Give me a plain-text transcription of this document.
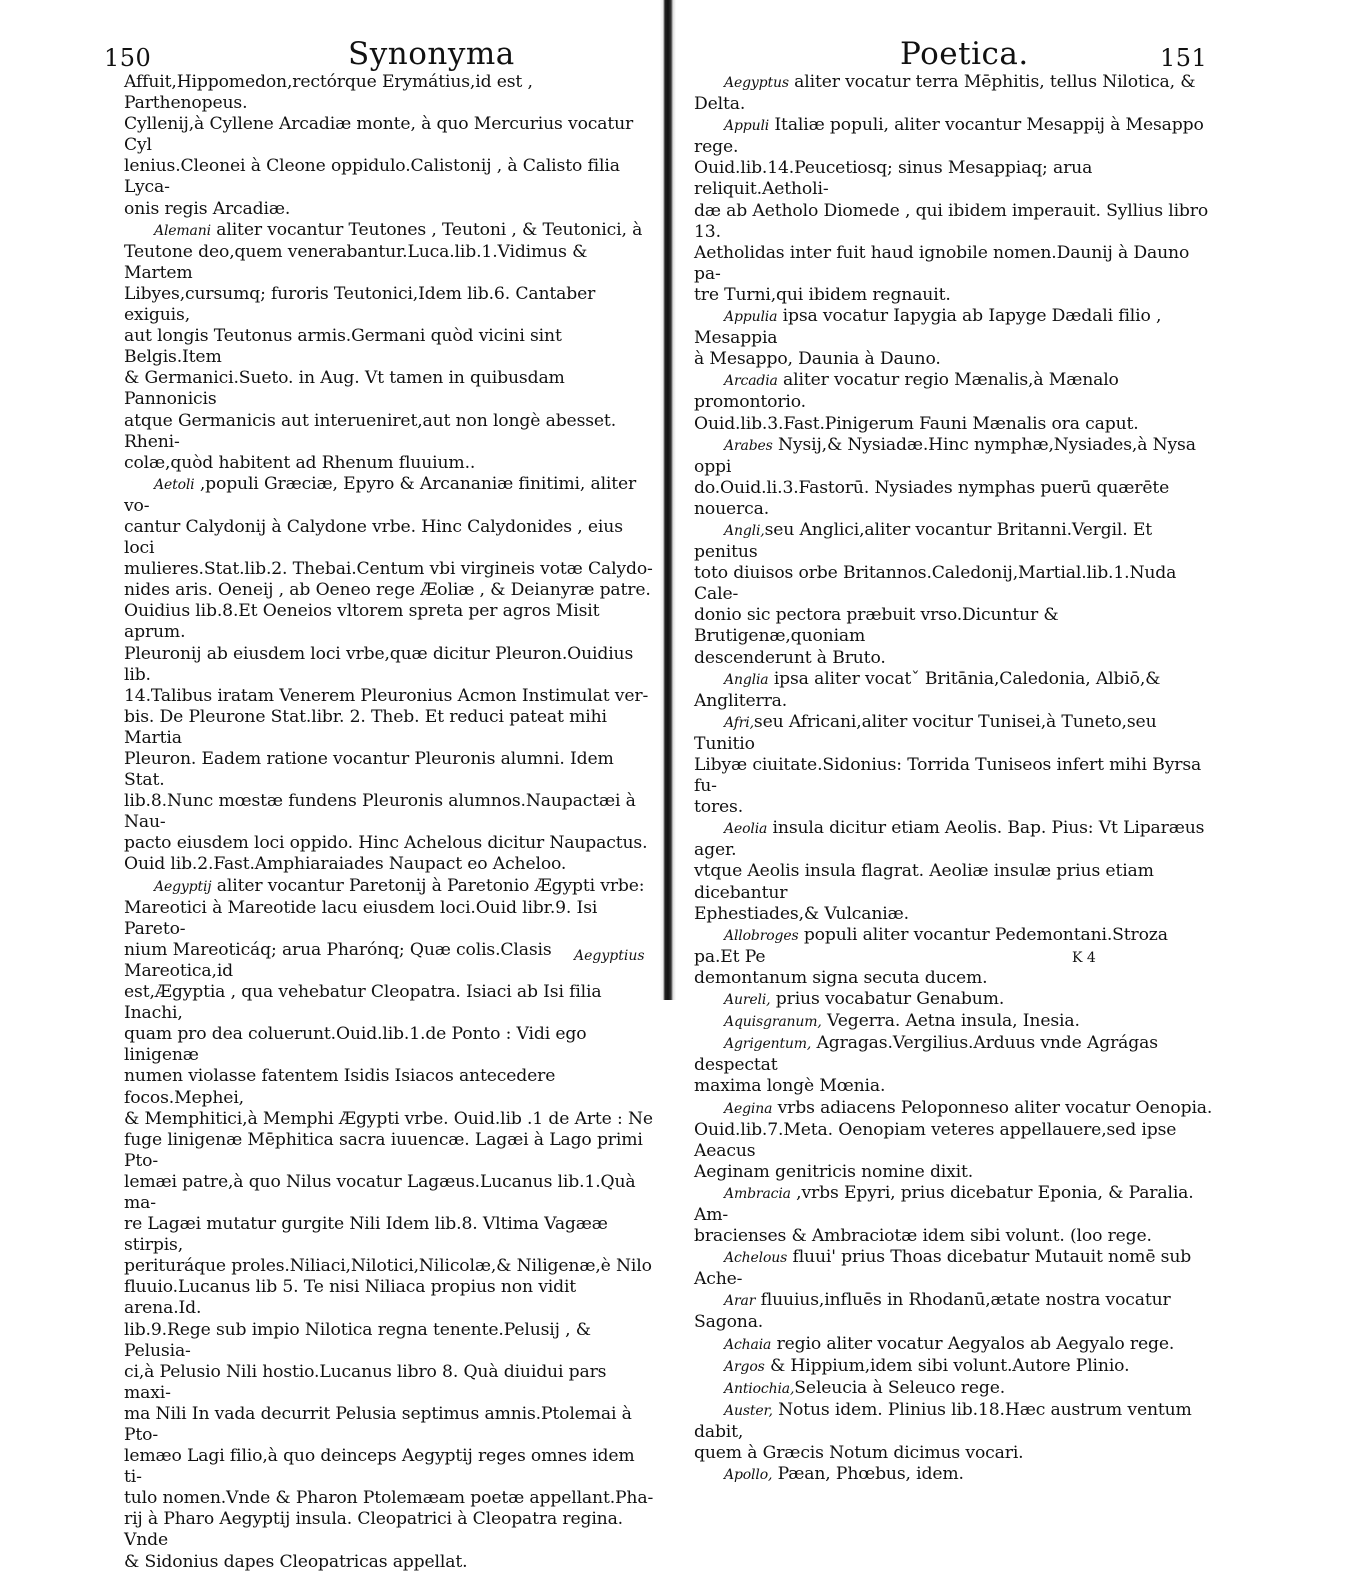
150	Synonyma

Affuit,Hippomedon,rectórque Erymátius,id est , Parthenopeus.
Cyllenij,à Cyllene Arcadiæ monte, à quo Mercurius vocatur Cyl
lenius.Cleonei à Cleone oppidulo.Calistonij , à Calisto filia Lyca-
onis regis Arcadiæ.

Alemani aliter vocantur Teutones , Teutoni , & Teutonici, à
Teutone deo,quem venerabantur.Luca.lib.1.Vidimus & Martem
Libyes,cursumq; furoris Teutonici,Idem lib.6. Cantaber exiguis,
aut longis Teutonus armis.Germani quòd vicini sint Belgis.Item
& Germanici.Sueto. in Aug. Vt tamen in quibusdam Pannonicis
atque Germanicis aut interueniret,aut non longè abesset. Rheni-
colæ,quòd habitent ad Rhenum fluuium..

Aetoli ,populi Græciæ, Epyro & Arcananiæ finitimi, aliter vo-
cantur Calydonij à Calydone vrbe. Hinc Calydonides , eius loci
mulieres.Stat.lib.2. Thebai.Centum vbi virgineis votæ Calydo-
nides aris. Oeneij , ab Oeneo rege Æoliæ , & Deianyræ patre.
Ouidius lib.8.Et Oeneios vltorem spreta per agros Misit aprum.
Pleuronij ab eiusdem loci vrbe,quæ dicitur Pleuron.Ouidius lib.
14.Talibus iratam Venerem Pleuronius Acmon Instimulat ver-
bis. De Pleurone Stat.libr. 2. Theb. Et reduci pateat mihi Martia
Pleuron. Eadem ratione vocantur Pleuronis alumni. Idem Stat.
lib.8.Nunc mœstæ fundens Pleuronis alumnos.Naupactæi à Nau-
pacto eiusdem loci oppido. Hinc Achelous dicitur Naupactus.
Ouid lib.2.Fast.Amphiaraiades Naupact eo Acheloo.

Aegyptij aliter vocantur Paretonij à Paretonio Ægypti vrbe:
Mareotici à Mareotide lacu eiusdem loci.Ouid libr.9. Isi Pareto-
nium Mareoticáq; arua Pharónq; Quæ colis.Clasis Mareotica,id
est,Ægyptia , qua vehebatur Cleopatra. Isiaci ab Isi filia Inachi,
quam pro dea coluerunt.Ouid.lib.1.de Ponto : Vidi ego linigenæ
numen violasse fatentem Isidis Isiacos antecedere focos.Mephei,
& Memphitici,à Memphi Ægypti vrbe. Ouid.lib .1 de Arte : Ne
fuge linigenæ Mēphitica sacra iuuencæ. Lagæi à Lago primi Pto-
lemæi patre,à quo Nilus vocatur Lagæus.Lucanus lib.1.Quà ma-
re Lagæi mutatur gurgite Nili Idem lib.8. Vltima Vagææ stirpis,
perituráque proles.Niliaci,Nilotici,Nilicolæ,& Niligenæ,è Nilo
fluuio.Lucanus lib 5. Te nisi Niliaca propius non vidit arena.Id.
lib.9.Rege sub impio Nilotica regna tenente.Pelusij , & Pelusia-
ci,à Pelusio Nili hostio.Lucanus libro 8. Quà diuidui pars maxi-
ma Nili In vada decurrit Pelusia septimus amnis.Ptolemai à Pto-
lemæo Lagi filio,à quo deinceps Aegyptij reges omnes idem ti-
tulo nomen.Vnde & Pharon Ptolemæam poetæ appellant.Pha-
rij à Pharo Aegyptij insula. Cleopatrici à Cleopatra regina. Vnde
& Sidonius dapes Cleopatricas appellat.

Aegyptius
Poetica.	151

Aegyptus aliter vocatur terra Mēphitis, tellus Nilotica, & Delta.

Appuli Italiæ populi, aliter vocantur Mesappij à Mesappo rege.
Ouid.lib.14.Peucetiosq; sinus Mesappiaq; arua reliquit.Aetholi-
dæ ab Aetholo Diomede , qui ibidem imperauit. Syllius libro 13.
Aetholidas inter fuit haud ignobile nomen.Daunij à Dauno pa-
tre Turni,qui ibidem regnauit.

Appulia ipsa vocatur Iapygia ab Iapyge Dædali filio , Mesappia
à Mesappo, Daunia à Dauno.

Arcadia aliter vocatur regio Mænalis,à Mænalo promontorio.
Ouid.lib.3.Fast.Pinigerum Fauni Mænalis ora caput.

Arabes Nysij,& Nysiadæ.Hinc nymphæ,Nysiades,à Nysa oppi
do.Ouid.li.3.Fastorū. Nysiades nymphas puerū quærēte nouerca.

Angli,seu Anglici,aliter vocantur Britanni.Vergil. Et penitus
toto diuisos orbe Britannos.Caledonij,Martial.lib.1.Nuda Cale-
donio sic pectora præbuit vrso.Dicuntur & Brutigenæ,quoniam
descenderunt à Bruto.

Anglia ipsa aliter vocatˇ Britānia,Caledonia, Albiō,& Angliterra.

Afri,seu Africani,aliter vocitur Tunisei,à Tuneto,seu Tunitio
Libyæ ciuitate.Sidonius: Torrida Tuniseos infert mihi Byrsa fu-
tores.

Aeolia insula dicitur etiam Aeolis. Bap. Pius: Vt Liparæus ager.
vtque Aeolis insula flagrat. Aeoliæ insulæ prius etiam dicebantur
Ephestiades,& Vulcaniæ.

Allobroges populi aliter vocantur Pedemontani.Stroza pa.Et Pe
demontanum signa secuta ducem.

Aureli, prius vocabatur Genabum.

Aquisgranum, Vegerra. Aetna insula, Inesia.

Agrigentum, Agragas.Vergilius.Arduus vnde Agrágas despectat
maxima longè Mœnia.

Aegina vrbs adiacens Peloponneso aliter vocatur Oenopia.
Ouid.lib.7.Meta. Oenopiam veteres appellauere,sed ipse Aeacus
Aeginam genitricis nomine dixit.

Ambracia ,vrbs Epyri, prius dicebatur Eponia, & Paralia. Am-
bracienses & Ambraciotæ idem sibi volunt. (loo rege.

Achelous fluui' prius Thoas dicebatur Mutauit nomē sub Ache-

Arar fluuius,influēs in Rhodanū,ætate nostra vocatur Sagona.

Achaia regio aliter vocatur Aegyalos ab Aegyalo rege.

Argos & Hippium,idem sibi volunt.Autore Plinio.

Antiochia,Seleucia à Seleuco rege.

Auster, Notus idem. Plinius lib.18.Hæc austrum ventum dabit,
quem à Græcis Notum dicimus vocari.

Apollo, Pæan, Phœbus, idem.

K 4
